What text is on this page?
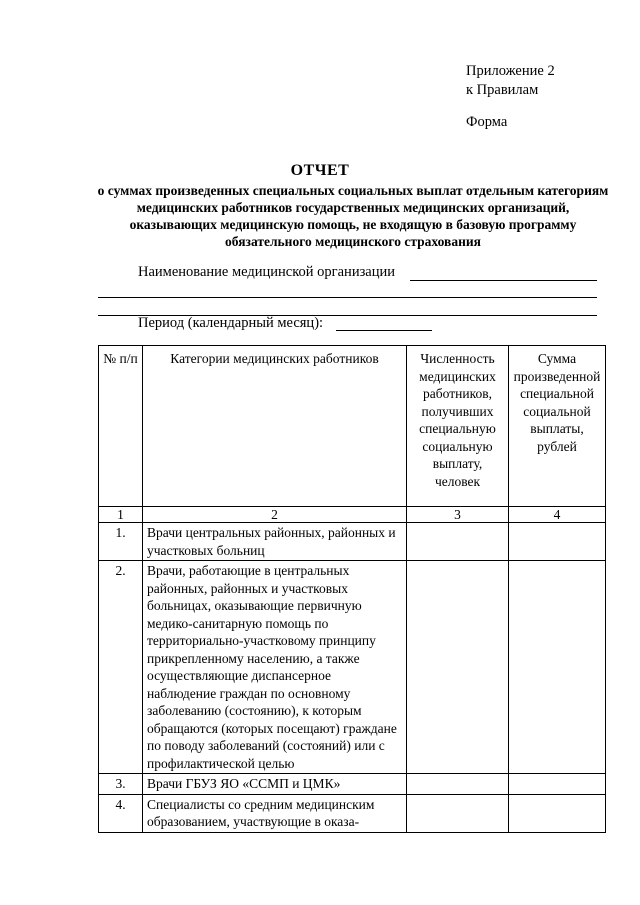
Приложение 2
к Правилам
Форма
ОТЧЕТ
о суммах произведенных специальных социальных выплат отдельным категориям медицинских работников государственных медицинских организаций, оказывающих медицинскую помощь, не входящую в базовую программу обязательного медицинского страхования
Наименование медицинской организации
Период (календарный месяц):
№ п/п	Категории медицинских работников	Численность медицинских работников, получивших специальную социальную выплату, человек	Сумма произведенной специальной социальной выплаты, рублей
1	2	3	4
1.	Врачи центральных районных, районных и участковых больниц		
2.	Врачи, работающие в центральных районных, районных и участковых больницах, оказывающие первичную медико-санитарную помощь по территориально-участковому принципу прикрепленному населению, а также осуществляющие диспансерное наблюдение граждан по основному заболеванию (состоянию), к которым обращаются (которых посещают) граждане по поводу заболеваний (состояний) или с профилактической целью		
3.	Врачи ГБУЗ ЯО «ССМП и ЦМК»		
4.	Специалисты со средним медицинским образованием, участвующие в оказа-		
